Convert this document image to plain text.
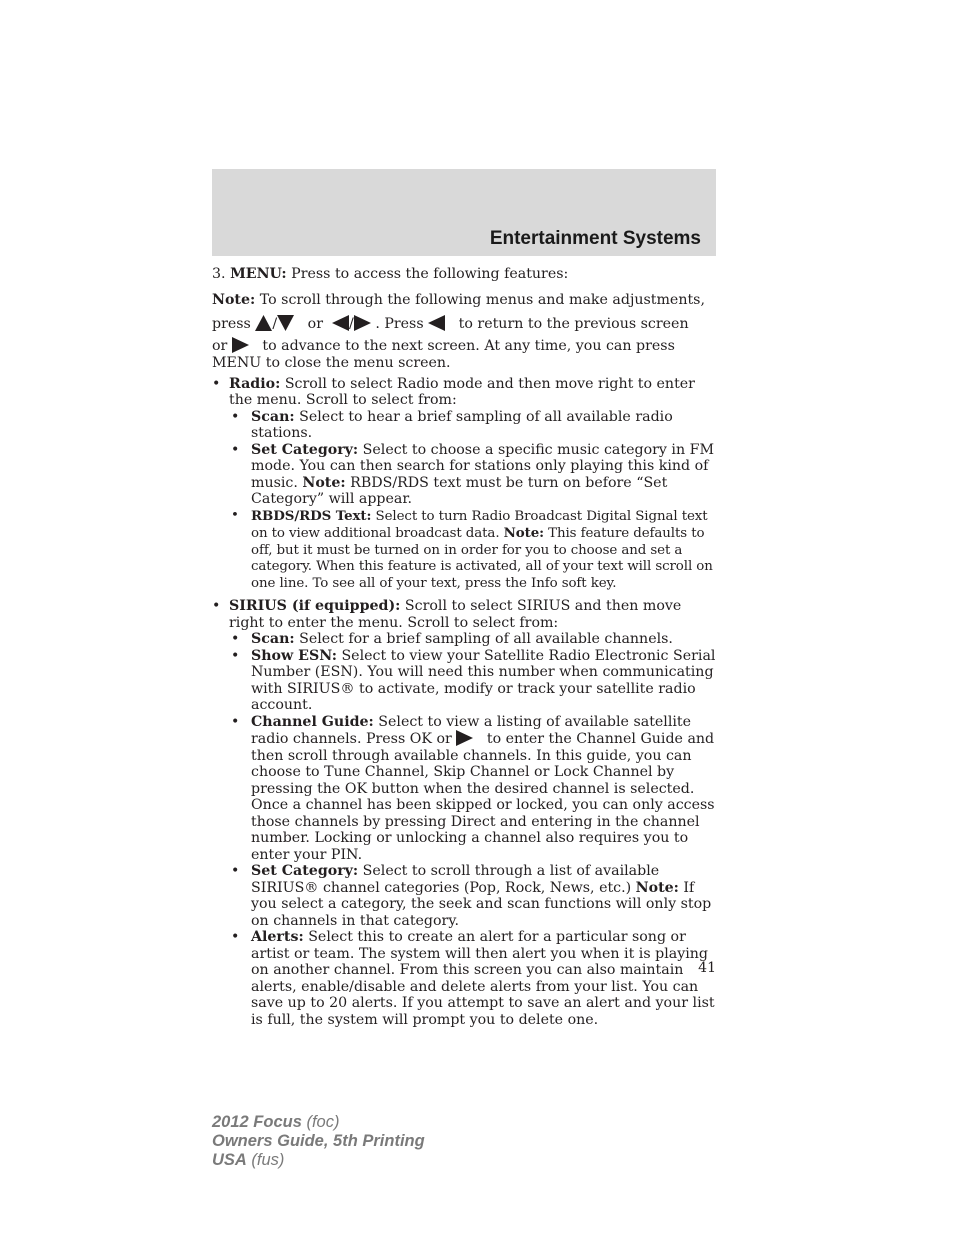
Entertainment Systems

3. MENU: Press to access the following features:

Note: To scroll through the following menus and make adjustments,

press / or / . Press to return to the previous screen

or to advance to the next screen. At any time, you can press MENU to close the menu screen.

• Radio: Scroll to select Radio mode and then move right to enter the menu. Scroll to select from:
• Scan: Select to hear a brief sampling of all available radio stations.
• Set Category: Select to choose a specific music category in FM mode. You can then search for stations only playing this kind of music. Note: RBDS/RDS text must be turn on before “Set Category” will appear.
• RBDS/RDS Text: Select to turn Radio Broadcast Digital Signal text on to view additional broadcast data. Note: This feature defaults to off, but it must be turned on in order for you to choose and set a category. When this feature is activated, all of your text will scroll on one line. To see all of your text, press the Info soft key.
• SIRIUS (if equipped): Scroll to select SIRIUS and then move right to enter the menu. Scroll to select from:
• Scan: Select for a brief sampling of all available channels.
• Show ESN: Select to view your Satellite Radio Electronic Serial Number (ESN). You will need this number when communicating with SIRIUS® to activate, modify or track your satellite radio account.
• Channel Guide: Select to view a listing of available satellite radio channels. Press OK or to enter the Channel Guide and then scroll through available channels. In this guide, you can choose to Tune Channel, Skip Channel or Lock Channel by pressing the OK button when the desired channel is selected. Once a channel has been skipped or locked, you can only access those channels by pressing Direct and entering in the channel number. Locking or unlocking a channel also requires you to enter your PIN.
• Set Category: Select to scroll through a list of available SIRIUS® channel categories (Pop, Rock, News, etc.) Note: If you select a category, the seek and scan functions will only stop on channels in that category.
• Alerts: Select this to create an alert for a particular song or artist or team. The system will then alert you when it is playing on another channel. From this screen you can also maintain alerts, enable/disable and delete alerts from your list. You can save up to 20 alerts. If you attempt to save an alert and your list is full, the system will prompt you to delete one.
41
2012 Focus (foc)
Owners Guide, 5th Printing
USA (fus)
